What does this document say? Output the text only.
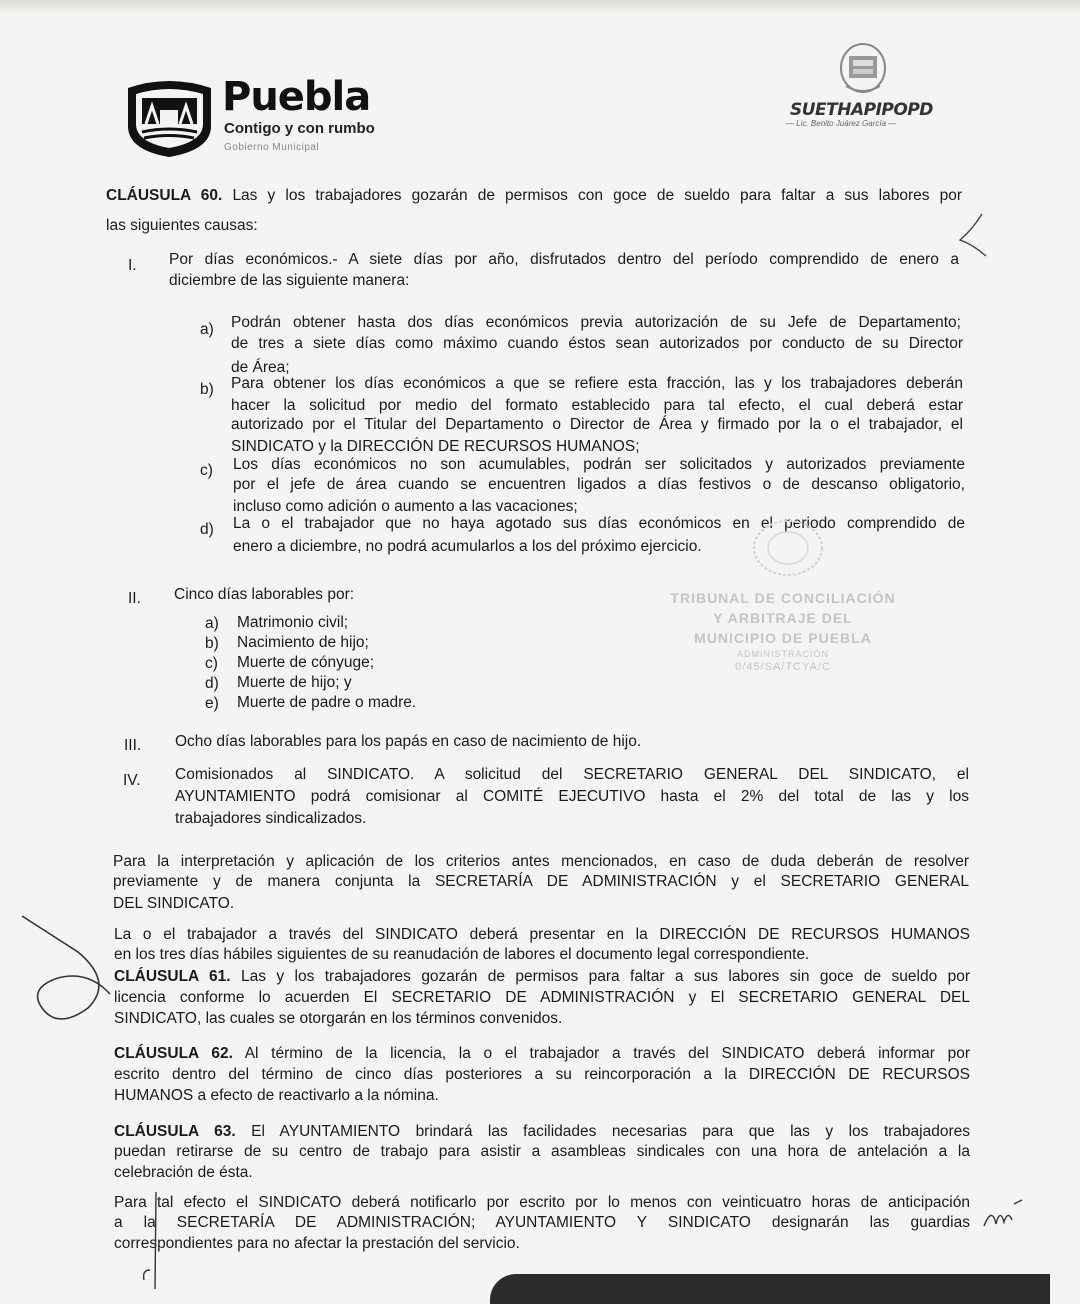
Puebla
Contigo y con rumbo
Gobierno Municipal
SUETHAPIPOPD
— Lic. Benito Juárez García —
CLÁUSULA 60. Las y los trabajadores gozarán de permisos con goce de sueldo para faltar a sus labores por
las siguientes causas:
I. Por días económicos.- A siete días por año, disfrutados dentro del período comprendido de enero a
diciembre de las siguiente manera:
a) Podrán obtener hasta dos días económicos previa autorización de su Jefe de Departamento;
de tres a siete días como máximo cuando éstos sean autorizados por conducto de su Director
de Área;
b) Para obtener los días económicos a que se refiere esta fracción, las y los trabajadores deberán
hacer la solicitud por medio del formato establecido para tal efecto, el cual deberá estar
autorizado por el Titular del Departamento o Director de Área y firmado por la o el trabajador, el
SINDICATO y la DIRECCIÓN DE RECURSOS HUMANOS;
c) Los días económicos no son acumulables, podrán ser solicitados y autorizados previamente
por el jefe de área cuando se encuentren ligados a días festivos o de descanso obligatorio,
incluso como adición o aumento a las vacaciones;
d) La o el trabajador que no haya agotado sus días económicos en el periodo comprendido de
enero a diciembre, no podrá acumularlos a los del próximo ejercicio.
II. Cinco días laborables por:
a) Matrimonio civil;
b) Nacimiento de hijo;
c) Muerte de cónyuge;
d) Muerte de hijo; y
e) Muerte de padre o madre.
TRIBUNAL DE CONCILIACIÓN
Y ARBITRAJE DEL
MUNICIPIO DE PUEBLA
ADMINISTRACIÓN
0/45/SA/TCYA/C
III. Ocho días laborables para los papás en caso de nacimiento de hijo.
IV. Comisionados al SINDICATO. A solicitud del SECRETARIO GENERAL DEL SINDICATO, el
AYUNTAMIENTO podrá comisionar al COMITÉ EJECUTIVO hasta el 2% del total de las y los
trabajadores sindicalizados.
Para la interpretación y aplicación de los criterios antes mencionados, en caso de duda deberán de resolver
previamente y de manera conjunta la SECRETARÍA DE ADMINISTRACIÓN y el SECRETARIO GENERAL
DEL SINDICATO.
La o el trabajador a través del SINDICATO deberá presentar en la DIRECCIÓN DE RECURSOS HUMANOS
en los tres días hábiles siguientes de su reanudación de labores el documento legal correspondiente.
CLÁUSULA 61. Las y los trabajadores gozarán de permisos para faltar a sus labores sin goce de sueldo por
licencia conforme lo acuerden El SECRETARIO DE ADMINISTRACIÓN y El SECRETARIO GENERAL DEL
SINDICATO, las cuales se otorgarán en los términos convenidos.
CLÁUSULA 62. Al término de la licencia, la o el trabajador a través del SINDICATO deberá informar por
escrito dentro del término de cinco días posteriores a su reincorporación a la DIRECCIÓN DE RECURSOS
HUMANOS a efecto de reactivarlo a la nómina.
CLÁUSULA 63. El AYUNTAMIENTO brindará las facilidades necesarias para que las y los trabajadores
puedan retirarse de su centro de trabajo para asistir a asambleas sindicales con una hora de antelación a la
celebración de ésta.
Para tal efecto el SINDICATO deberá notificarlo por escrito por lo menos con veinticuatro horas de anticipación
a la SECRETARÍA DE ADMINISTRACIÓN; AYUNTAMIENTO Y SINDICATO designarán las guardias
correspondientes para no afectar la prestación del servicio.
